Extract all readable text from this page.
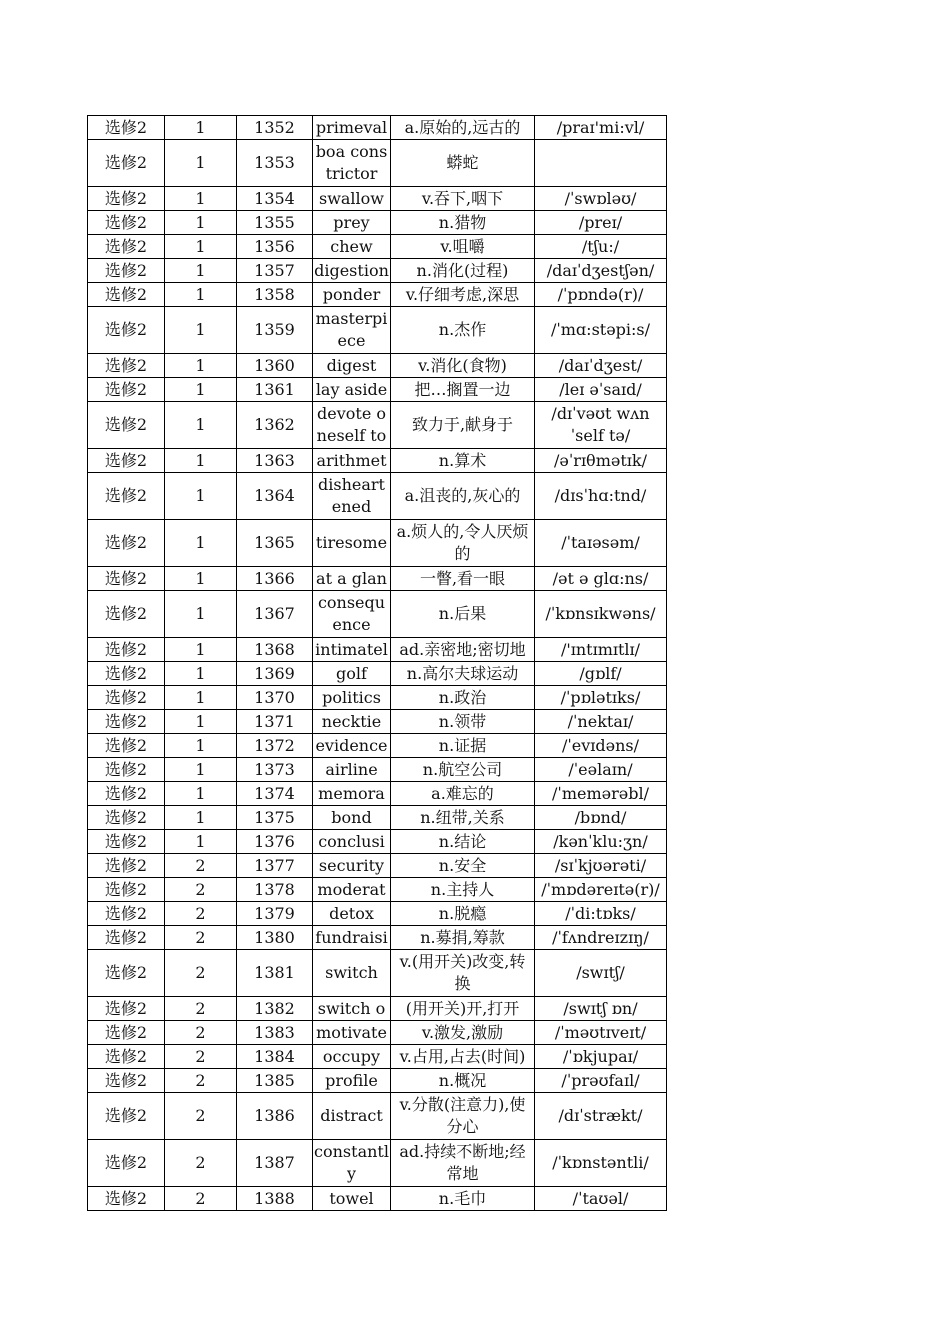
选修2	1	1352	primeval	a.原始的,远古的	/praɪ'mi:vl/
选修2	1	1353	boa constrictor	蟒蛇	
选修2	1	1354	swallow	v.吞下,咽下	/ˈswɒləʊ/
选修2	1	1355	prey	n.猎物	/preɪ/
选修2	1	1356	chew	v.咀嚼	/tʃu:/
选修2	1	1357	digestion	n.消化(过程)	/daɪˈdʒestʃən/
选修2	1	1358	ponder	v.仔细考虑,深思	/ˈpɒndə(r)/
选修2	1	1359	masterpiece	n.杰作	/ˈmɑ:stəpi:s/
选修2	1	1360	digest	v.消化(食物)	/daɪˈdʒest/
选修2	1	1361	lay aside	把…搁置一边	/leɪ əˈsaɪd/
选修2	1	1362	devote oneself to	致力于,献身于	/dɪˈvəʊt wʌnˈself tə/
选修2	1	1363	arithmet	n.算术	/əˈrɪθmətɪk/
选修2	1	1364	disheartened	a.沮丧的,灰心的	/dɪsˈhɑ:tnd/
选修2	1	1365	tiresome	a.烦人的,令人厌烦的	/ˈtaɪəsəm/
选修2	1	1366	at a glan	一瞥,看一眼	/ət ə glɑ:ns/
选修2	1	1367	consequence	n.后果	/ˈkɒnsɪkwəns/
选修2	1	1368	intimatel	ad.亲密地;密切地	/'ɪntɪmɪtlɪ/
选修2	1	1369	golf	n.高尔夫球运动	/gɒlf/
选修2	1	1370	politics	n.政治	/ˈpɒlətɪks/
选修2	1	1371	necktie	n.领带	/ˈnektaɪ/
选修2	1	1372	evidence	n.证据	/ˈevɪdəns/
选修2	1	1373	airline	n.航空公司	/ˈeəlaɪn/
选修2	1	1374	memora	a.难忘的	/ˈmemərəbl/
选修2	1	1375	bond	n.纽带,关系	/bɒnd/
选修2	1	1376	conclusi	n.结论	/kənˈklu:ʒn/
选修2	2	1377	security	n.安全	/sɪˈkjʊərəti/
选修2	2	1378	moderat	n.主持人	/ˈmɒdəreɪtə(r)/
选修2	2	1379	detox	n.脱瘾	/ˈdi:tɒks/
选修2	2	1380	fundraisi	n.募捐,筹款	/ˈfʌndreɪzɪŋ/
选修2	2	1381	switch	v.(用开关)改变,转换	/swɪtʃ/
选修2	2	1382	switch o	(用开关)开,打开	/swɪtʃ ɒn/
选修2	2	1383	motivate	v.激发,激励	/ˈməʊtɪveɪt/
选修2	2	1384	occupy	v.占用,占去(时间)	/ˈɒkjupaɪ/
选修2	2	1385	profile	n.概况	/ˈprəʊfaɪl/
选修2	2	1386	distract	v.分散(注意力),使分心	/dɪˈstrækt/
选修2	2	1387	constantly	ad.持续不断地;经常地	/ˈkɒnstəntli/
选修2	2	1388	towel	n.毛巾	/ˈtaʊəl/
